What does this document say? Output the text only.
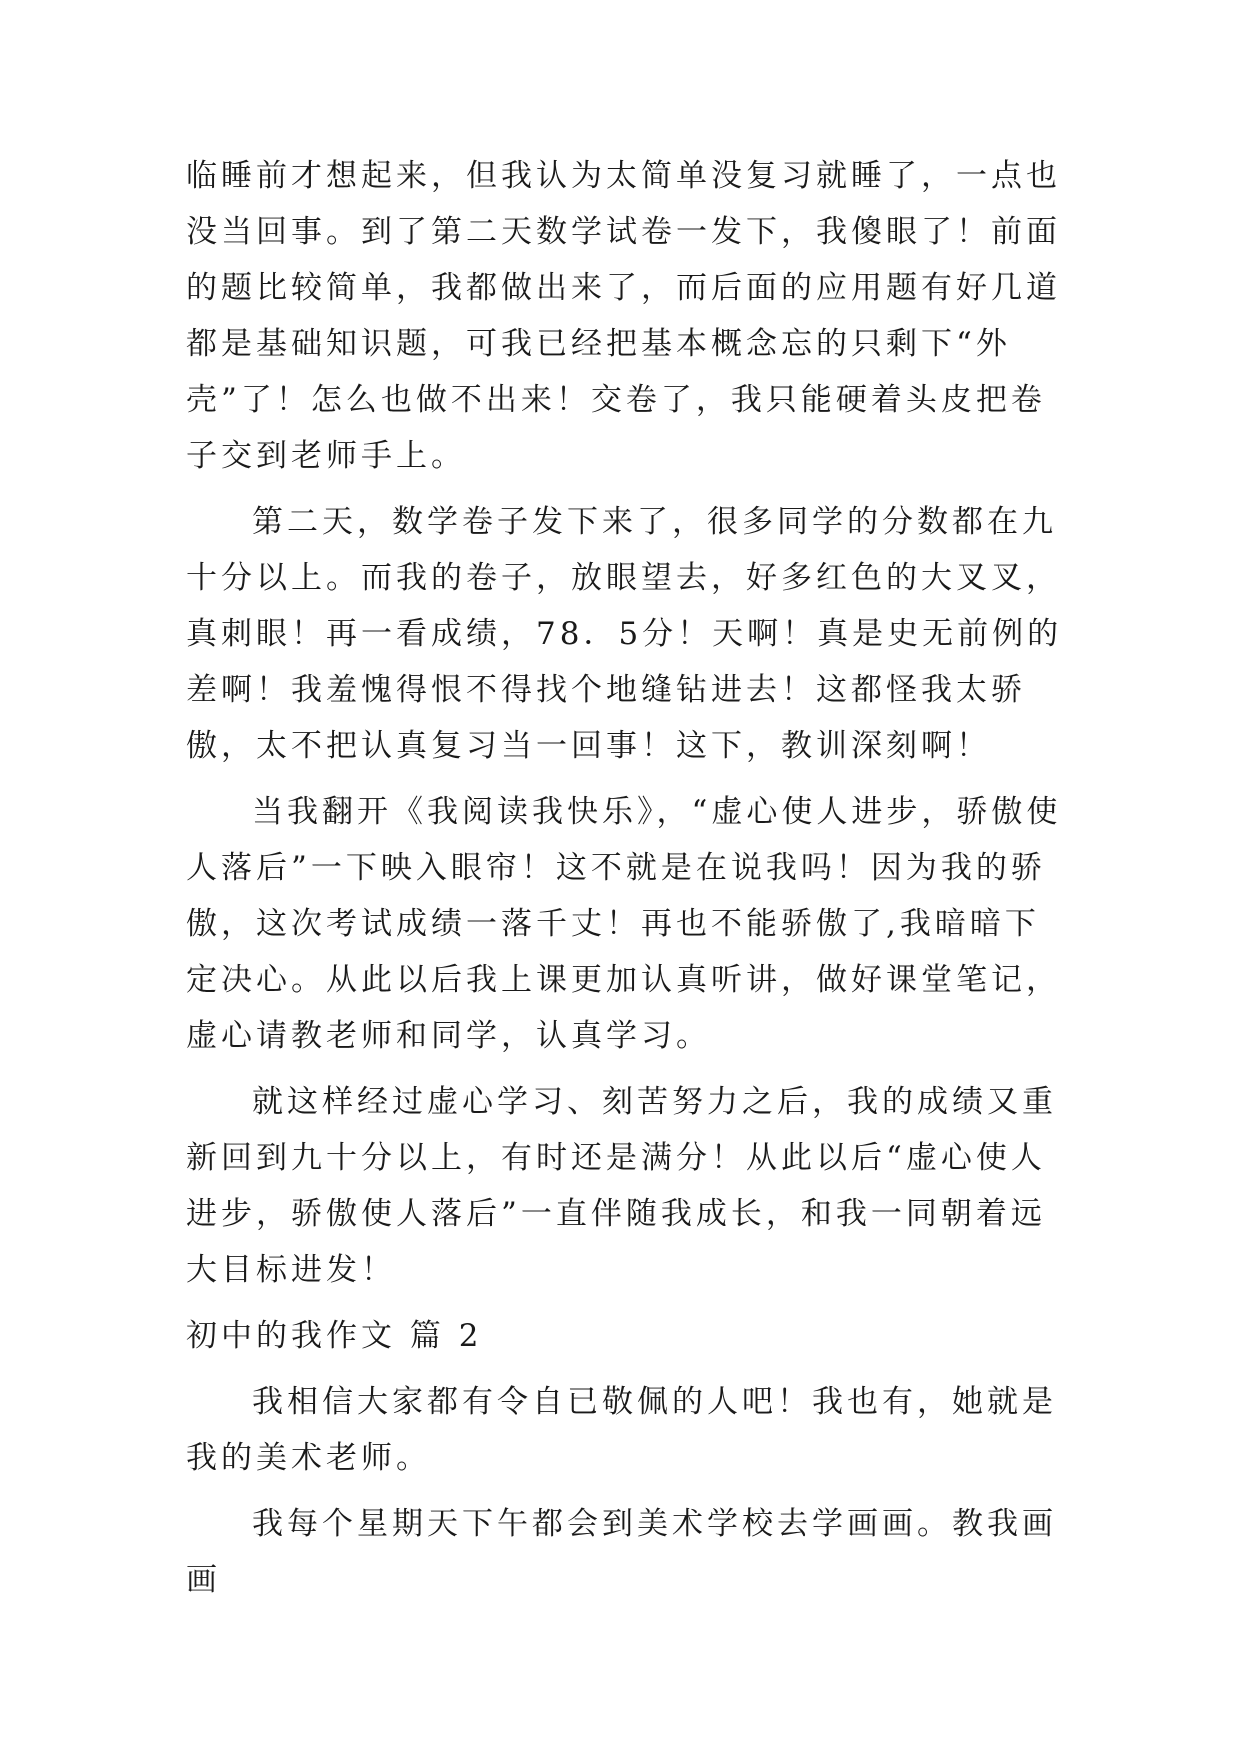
临睡前才想起来，但我认为太简单没复习就睡了，一点也没当回事。到了第二天数学试卷一发下，我傻眼了！前面的题比较简单，我都做出来了，而后面的应用题有好几道都是基础知识题，可我已经把基本概念忘的只剩下“外壳”了！怎么也做不出来！交卷了，我只能硬着头皮把卷子交到老师手上。

第二天，数学卷子发下来了，很多同学的分数都在九十分以上。而我的卷子，放眼望去，好多红色的大叉叉，真刺眼！再一看成绩，78．5分！天啊！真是史无前例的差啊！我羞愧得恨不得找个地缝钻进去！这都怪我太骄傲，太不把认真复习当一回事！这下，教训深刻啊！

当我翻开《我阅读我快乐》，“虚心使人进步，骄傲使人落后”一下映入眼帘！这不就是在说我吗！因为我的骄傲，这次考试成绩一落千丈！再也不能骄傲了,我暗暗下定决心。从此以后我上课更加认真听讲，做好课堂笔记，虚心请教老师和同学，认真学习。

就这样经过虚心学习、刻苦努力之后，我的成绩又重新回到九十分以上，有时还是满分！从此以后“虚心使人进步，骄傲使人落后”一直伴随我成长，和我一同朝着远大目标进发！

初中的我作文 篇 2

我相信大家都有令自已敬佩的人吧！我也有，她就是我的美术老师。

我每个星期天下午都会到美术学校去学画画。教我画画
